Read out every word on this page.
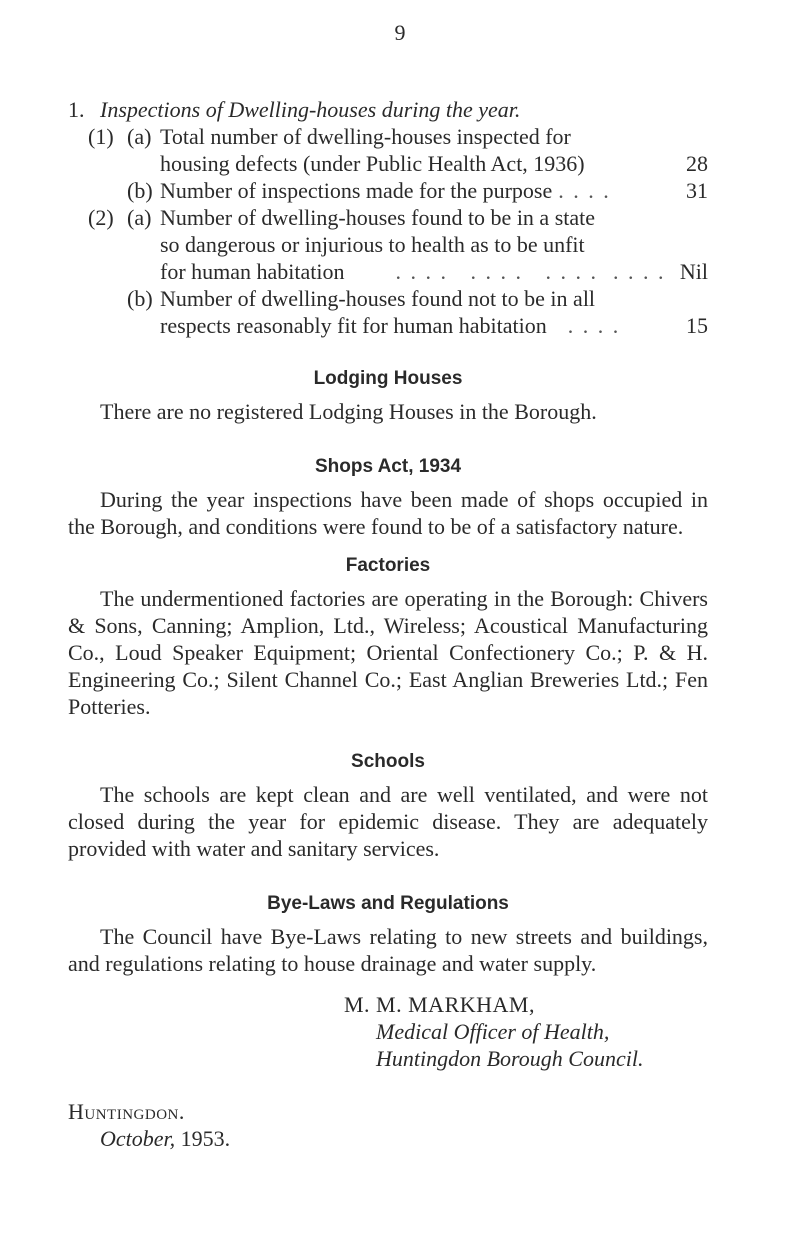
9
1. Inspections of Dwelling-houses during the year.
(1) (a) Total number of dwelling-houses inspected for
housing defects (under Public Health Act, 1936)	28
(b) Number of inspections made for the purpose . . . .	31
(2) (a) Number of dwelling-houses found to be in a state
so dangerous or injurious to health as to be unfit
for human habitation . . . .   . . . .   . . . .  . . . . Nil
(b) Number of dwelling-houses found not to be in all
respects reasonably fit for human habitation . . . .	15
Lodging Houses

There are no registered Lodging Houses in the Borough.

Shops Act, 1934

During the year inspections have been made of shops occupied in the Borough, and conditions were found to be of a satisfactory nature.

Factories

The undermentioned factories are operating in the Borough: Chivers & Sons, Canning; Amplion, Ltd., Wireless; Acoustical Manufacturing Co., Loud Speaker Equipment; Oriental Confectionery Co.; P. & H. Engineering Co.; Silent Channel Co.; East Anglian Breweries Ltd.; Fen Potteries.

Schools

The schools are kept clean and are well ventilated, and were not closed during the year for epidemic disease. They are adequately provided with water and sanitary services.

Bye-Laws and Regulations

The Council have Bye-Laws relating to new streets and buildings, and regulations relating to house drainage and water supply.

M. M. MARKHAM,
Medical Officer of Health,
Huntingdon Borough Council.
Huntingdon.
October, 1953.
